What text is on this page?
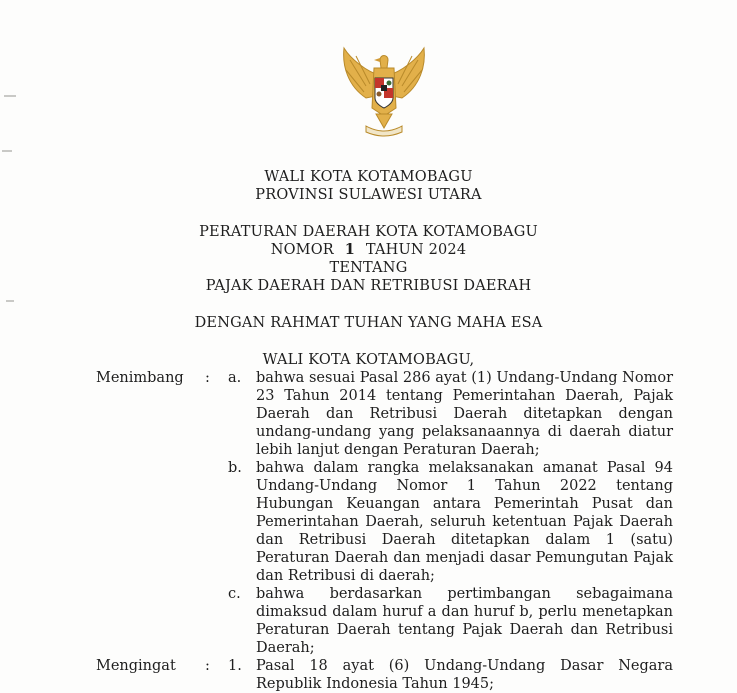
WALI KOTA KOTAMOBAGU

PROVINSI SULAWESI UTARA

PERATURAN DAERAH KOTA KOTAMOBAGU

NOMOR 1 TAHUN 2024

TENTANG

PAJAK DAERAH DAN RETRIBUSI DAERAH

DENGAN RAHMAT TUHAN YANG MAHA ESA

WALI KOTA KOTAMOBAGU,

Menimbang : a. bahwa sesuai Pasal 286 ayat (1) Undang-Undang Nomor 23 Tahun 2014 tentang Pemerintahan Daerah, Pajak Daerah dan Retribusi Daerah ditetapkan dengan undang-undang yang pelaksanaannya di daerah diatur lebih lanjut dengan Peraturan Daerah;

b. bahwa dalam rangka melaksanakan amanat Pasal 94 Undang-Undang Nomor 1 Tahun 2022 tentang Hubungan Keuangan antara Pemerintah Pusat dan Pemerintahan Daerah, seluruh ketentuan Pajak Daerah dan Retribusi Daerah ditetapkan dalam 1 (satu) Peraturan Daerah dan menjadi dasar Pemungutan Pajak dan Retribusi di daerah;

c. bahwa berdasarkan pertimbangan sebagaimana dimaksud dalam huruf a dan huruf b, perlu menetapkan Peraturan Daerah tentang Pajak Daerah dan Retribusi Daerah;

Mengingat : 1. Pasal 18 ayat (6) Undang-Undang Dasar Negara Republik Indonesia Tahun 1945;
